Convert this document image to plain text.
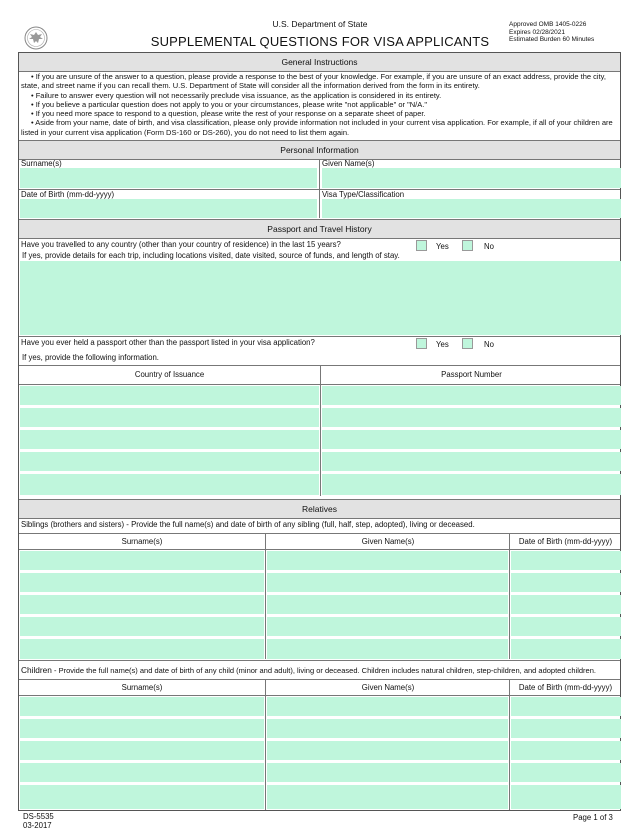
U.S. Department of State
SUPPLEMENTAL QUESTIONS FOR VISA APPLICANTS
Approved OMB 1405-0226
Expires 02/28/2021
Estimated Burden 60 Minutes
General Instructions

• If you are unsure of the answer to a question, please provide a response to the best of your knowledge. For example, if you are unsure of an exact address, provide the city, state, and street name if you can recall them. U.S. Department of State will consider all the information derived from the form in its entirety.

• Failure to answer every question will not necessarily preclude visa issuance, as the application is considered in its entirety.

• If you believe a particular question does not apply to you or your circumstances, please write "not applicable" or "N/A."

• If you need more space to respond to a question, please write the rest of your response on a separate sheet of paper.

• Aside from your name, date of birth, and visa classification, please only provide information not included in your current visa application. For example, if all of your children are listed in your current visa application (Form DS-160 or DS-260), you do not need to list them again.

Personal Information
Surname(s)	Given Name(s)
Date of Birth (mm-dd-yyyy)	Visa Type/Classification
Passport and Travel History
Have you travelled to any country (other than your country of residence) in the last 15 years?	Yes	No
If yes, provide details for each trip, including locations visited, date visited, source of funds, and length of stay.
Have you ever held a passport other than the passport listed in your visa application?	Yes	No
If yes, provide the following information.
Country of Issuance	Passport Number
Relatives
Siblings (brothers and sisters) - Provide the full name(s) and date of birth of any sibling (full, half, step, adopted), living or deceased.
Surname(s)	Given Name(s)	Date of Birth (mm-dd-yyyy)
Children - Provide the full name(s) and date of birth of any child (minor and adult), living or deceased. Children includes natural children, step-children, and adopted children.
Surname(s)	Given Name(s)	Date of Birth (mm-dd-yyyy)
DS-5535
03-2017
Page 1 of 3
